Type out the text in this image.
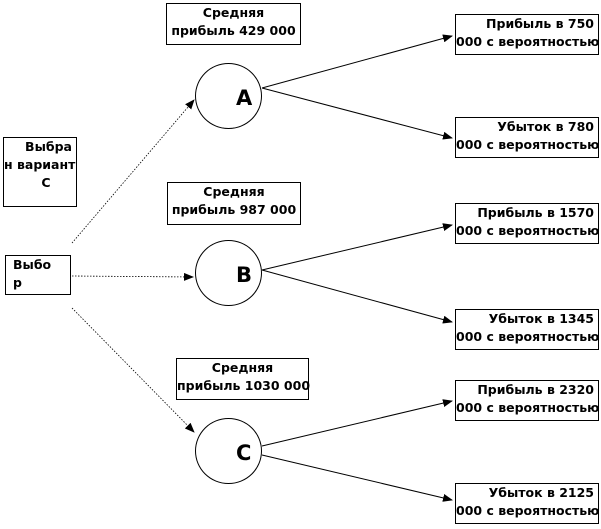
Выбра
н вариант
С
Выбо
р
Средняя
прибыль 429 000
Средняя
прибыль 987 000
Средняя
прибыль 1030 000
A
B
C
Прибыль в 750
000 с вероятностью
Убыток в 780
000 с вероятностью
Прибыль в 1570
000 с вероятностью
Убыток в 1345
000 с вероятностью
Прибыль в 2320
000 с вероятностью
Убыток в 2125
000 с вероятностью
